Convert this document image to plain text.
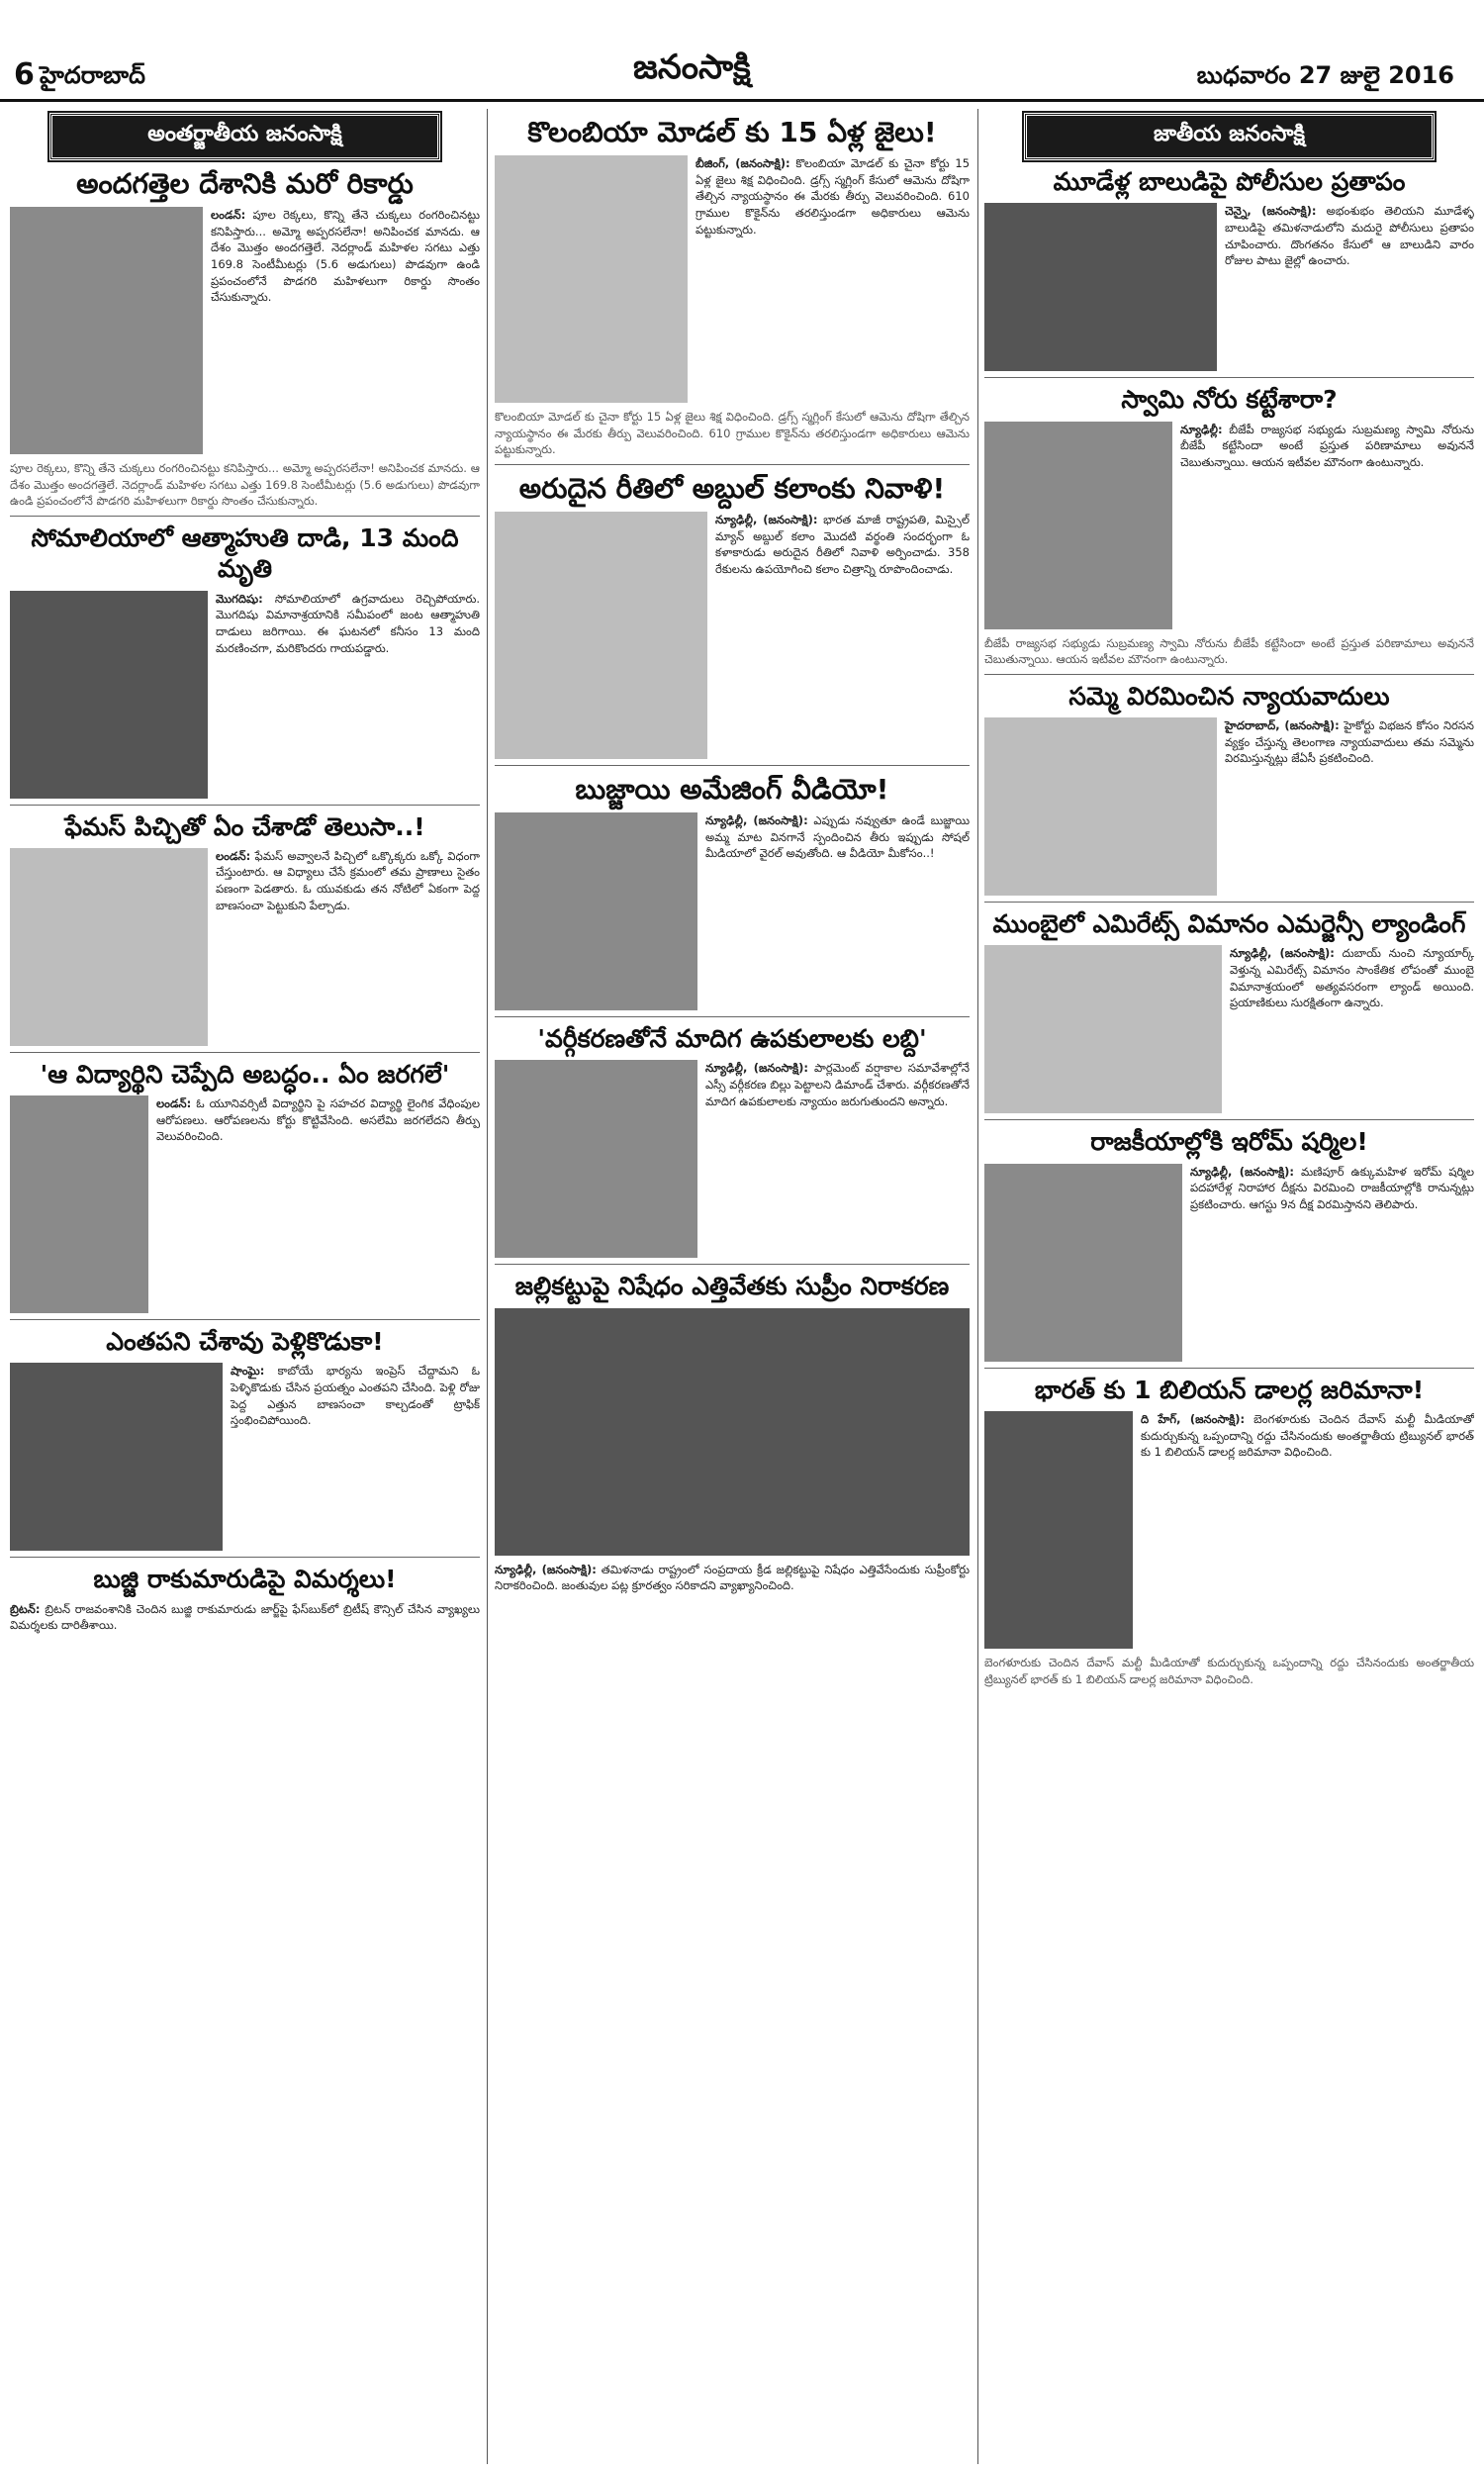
6 హైదరాబాద్	జనంసాక్షి	బుధవారం 27 జులై 2016
అంతర్జాతీయ జనంసాక్షి
అందగత్తెల దేశానికి మరో రికార్డు
లండన్: పూల రెక్కలు, కొన్ని తేనె చుక్కలు రంగరించినట్టు కనిపిస్తారు... అమ్మో అప్పరసలేనా! అనిపించక మానదు. ఆ దేశం మొత్తం అందగత్తెలే. నెదర్లాండ్ మహిళల సగటు ఎత్తు 169.8 సెంటీమీటర్లు (5.6 అడుగులు) పొడవుగా ఉండి ప్రపంచంలోనే పొడగరి మహిళలుగా రికార్డు సొంతం చేసుకున్నారు.
పూల రెక్కలు, కొన్ని తేనె చుక్కలు రంగరించినట్టు కనిపిస్తారు... అమ్మో అప్పరసలేనా! అనిపించక మానదు. ఆ దేశం మొత్తం అందగత్తెలే. నెదర్లాండ్ మహిళల సగటు ఎత్తు 169.8 సెంటీమీటర్లు (5.6 అడుగులు) పొడవుగా ఉండి ప్రపంచంలోనే పొడగరి మహిళలుగా రికార్డు సొంతం చేసుకున్నారు.
సోమాలియాలో ఆత్మాహుతి దాడి, 13 మంది మృతి
మొగదిషు: సోమాలియాలో ఉగ్రవాదులు రెచ్చిపోయారు. మొగదిషు విమానాశ్రయానికి సమీపంలో జంట ఆత్మాహుతి దాడులు జరిగాయి. ఈ ఘటనలో కనీసం 13 మంది మరణించగా, మరికొందరు గాయపడ్డారు.
ఫేమస్ పిచ్చితో ఏం చేశాడో తెలుసా..!
లండన్: ఫేమస్ అవ్వాలనే పిచ్చిలో ఒక్కొక్కరు ఒక్కో విధంగా చేస్తుంటారు. ఆ విధ్యాలు చేసే క్రమంలో తమ ప్రాణాలు సైతం పణంగా పెడతారు. ఓ యువకుడు తన నోటిలో ఏకంగా పెద్ద బాణసంచా పెట్టుకుని పేల్చాడు.
'ఆ విద్యార్థిని చెప్పేది అబద్ధం.. ఏం జరగలే'
లండన్: ఓ యూనివర్సిటీ విద్యార్థిని పై సహచర విద్యార్థి లైంగిక వేధింపుల ఆరోపణలు. ఆరోపణలను కోర్టు కొట్టివేసింది. అసలేమి జరగలేదని తీర్పు వెలువరించింది.
ఎంతపని చేశావు పెళ్లికొడుకా!
షాంఘై: కాబోయే భార్యను ఇంప్రెస్ చేద్దామని ఓ పెళ్ళికొడుకు చేసిన ప్రయత్నం ఎంతపని చేసింది. పెళ్లి రోజు పెద్ద ఎత్తున బాణసంచా కాల్చడంతో ట్రాఫిక్ స్తంభించిపోయింది.
బుజ్జి రాకుమారుడిపై విమర్శలు!
బ్రిటన్: బ్రిటన్ రాజవంశానికి చెందిన బుజ్జి రాకుమారుడు జార్జ్‌పై ఫేస్‌బుక్‌లో బ్రిటీష్ కౌన్సిల్ చేసిన వ్యాఖ్యలు విమర్శలకు దారితీశాయి.
కొలంబియా మోడల్ కు 15 ఏళ్ల జైలు!
బీజింగ్, (జనంసాక్షి): కొలంబియా మోడల్ కు చైనా కోర్టు 15 ఏళ్ల జైలు శిక్ష విధించింది. డ్రగ్స్ స్మగ్లింగ్ కేసులో ఆమెను దోషిగా తేల్చిన న్యాయస్థానం ఈ మేరకు తీర్పు వెలువరించింది. 610 గ్రాముల కొకైన్‌ను తరలిస్తుండగా అధికారులు ఆమెను పట్టుకున్నారు.
కొలంబియా మోడల్ కు చైనా కోర్టు 15 ఏళ్ల జైలు శిక్ష విధించింది. డ్రగ్స్ స్మగ్లింగ్ కేసులో ఆమెను దోషిగా తేల్చిన న్యాయస్థానం ఈ మేరకు తీర్పు వెలువరించింది. 610 గ్రాముల కొకైన్‌ను తరలిస్తుండగా అధికారులు ఆమెను పట్టుకున్నారు.
అరుదైన రీతిలో అబ్దుల్ కలాంకు నివాళి!
న్యూఢిల్లీ, (జనంసాక్షి): భారత మాజీ రాష్ట్రపతి, మిస్సైల్ మ్యాన్ అబ్దుల్ కలాం మొదటి వర్థంతి సందర్భంగా ఓ కళాకారుడు అరుదైన రీతిలో నివాళి అర్పించాడు. 358 రేకులను ఉపయోగించి కలాం చిత్రాన్ని రూపొందించాడు.
బుజ్జాయి అమేజింగ్ వీడియో!
న్యూఢిల్లీ, (జనంసాక్షి): ఎప్పుడు నవ్వుతూ ఉండే బుజ్జాయి అమ్మ మాట వినగానే స్పందించిన తీరు ఇప్పుడు సోషల్ మీడియాలో వైరల్ అవుతోంది. ఆ వీడియో మీకోసం..!
'వర్గీకరణతోనే మాదిగ ఉపకులాలకు లబ్ది'
న్యూఢిల్లీ, (జనంసాక్షి): పార్లమెంట్ వర్షాకాల సమావేశాల్లోనే ఎస్సీ వర్గీకరణ బిల్లు పెట్టాలని డిమాండ్ చేశారు. వర్గీకరణతోనే మాదిగ ఉపకులాలకు న్యాయం జరుగుతుందని అన్నారు.
జల్లికట్టుపై నిషేధం ఎత్తివేతకు సుప్రీం నిరాకరణ
న్యూఢిల్లీ, (జనంసాక్షి): తమిళనాడు రాష్ట్రంలో సంప్రదాయ క్రీడ జల్లికట్టుపై నిషేధం ఎత్తివేసేందుకు సుప్రీంకోర్టు నిరాకరించింది. జంతువుల పట్ల క్రూరత్వం సరికాదని వ్యాఖ్యానించింది.
జాతీయ జనంసాక్షి
మూడేళ్ల బాలుడిపై పోలీసుల ప్రతాపం
చెన్నై, (జనంసాక్షి): అభంశుభం తెలియని మూడేళ్ళ బాలుడిపై తమిళనాడులోని మదురై పోలీసులు ప్రతాపం చూపించారు. దొంగతనం కేసులో ఆ బాలుడిని వారం రోజుల పాటు జైల్లో ఉంచారు.
స్వామి నోరు కట్టేశారా?
న్యూఢిల్లీ: బీజేపీ రాజ్యసభ సభ్యుడు సుబ్రమణ్య స్వామి నోరును బీజేపీ కట్టేసిందా అంటే ప్రస్తుత పరిణామాలు అవుననే చెబుతున్నాయి. ఆయన ఇటీవల మౌనంగా ఉంటున్నారు.
బీజేపీ రాజ్యసభ సభ్యుడు సుబ్రమణ్య స్వామి నోరును బీజేపీ కట్టేసిందా అంటే ప్రస్తుత పరిణామాలు అవుననే చెబుతున్నాయి. ఆయన ఇటీవల మౌనంగా ఉంటున్నారు.
సమ్మె విరమించిన న్యాయవాదులు
హైదరాబాద్, (జనంసాక్షి): హైకోర్టు విభజన కోసం నిరసన వ్యక్తం చేస్తున్న తెలంగాణ న్యాయవాదులు తమ సమ్మెను విరమిస్తున్నట్లు జేఏసీ ప్రకటించింది.
ముంబైలో ఎమిరేట్స్ విమానం ఎమర్జెన్సీ ల్యాండింగ్
న్యూఢిల్లీ, (జనంసాక్షి): దుబాయ్ నుంచి న్యూయార్క్ వెళ్తున్న ఎమిరేట్స్ విమానం సాంకేతిక లోపంతో ముంబై విమానాశ్రయంలో అత్యవసరంగా ల్యాండ్ అయింది. ప్రయాణికులు సురక్షితంగా ఉన్నారు.
రాజకీయాల్లోకి ఇరోమ్ షర్మిల!
న్యూఢిల్లీ, (జనంసాక్షి): మణిపూర్ ఉక్కుమహిళ ఇరోమ్ షర్మిల పదహారేళ్ల నిరాహార దీక్షను విరమించి రాజకీయాల్లోకి రానున్నట్లు ప్రకటించారు. ఆగస్టు 9న దీక్ష విరమిస్తానని తెలిపారు.
భారత్ కు 1 బిలియన్ డాలర్ల జరిమానా!
ది హేగ్, (జనంసాక్షి): బెంగళూరుకు చెందిన దేవాస్ మల్టీ మీడియాతో కుదుర్చుకున్న ఒప్పందాన్ని రద్దు చేసినందుకు అంతర్జాతీయ ట్రిబ్యునల్ భారత్ కు 1 బిలియన్ డాలర్ల జరిమానా విధించింది.
బెంగళూరుకు చెందిన దేవాస్ మల్టీ మీడియాతో కుదుర్చుకున్న ఒప్పందాన్ని రద్దు చేసినందుకు అంతర్జాతీయ ట్రిబ్యునల్ భారత్ కు 1 బిలియన్ డాలర్ల జరిమానా విధించింది.
